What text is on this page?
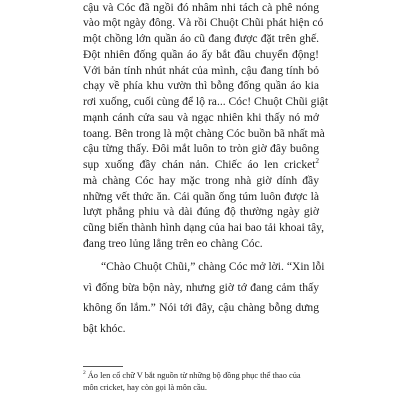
cậu và Cóc đã ngồi đó nhâm nhi tách cà phê nóng
vào một ngày đông. Và rồi Chuột Chũi phát hiện có
một chồng lớn quần áo cũ đang được đặt trên ghế.
Đột nhiên đống quần áo ấy bắt đầu chuyển động!
Với bản tính nhút nhát của mình, cậu đang tính bỏ
chạy về phía khu vườn thì bỗng đống quần áo kia
rơi xuống, cuối cùng để lộ ra... Cóc! Chuột Chũi giật
mạnh cánh cửa sau và ngạc nhiên khi thấy nó mở
toang. Bên trong là một chàng Cóc buồn bã nhất mà
cậu từng thấy. Đôi mắt luôn to tròn giờ đây buông
sụp xuống đầy chán nản. Chiếc áo len cricket$^2$
mà chàng Cóc hay mặc trong nhà giờ dính đầy
những vết thức ăn. Cái quần ống túm luôn được là
lượt phẳng phiu và dài đúng độ thường ngày giờ
cũng biến thành hình dạng của hai bao tải khoai tây,
đang treo lủng lẳng trên eo chàng Cóc.
“Chào Chuột Chũi,” chàng Cóc mở lời. “Xin lỗi
vì đống bừa bộn này, nhưng giờ tớ đang cảm thấy
không ổn lắm.” Nói tới đây, cậu chàng bỗng dưng
bật khóc.
$^2$ Áo len cổ chữ V bắt nguồn từ những bộ đồng phục thể thao của
môn cricket, hay còn gọi là môn cầu.
